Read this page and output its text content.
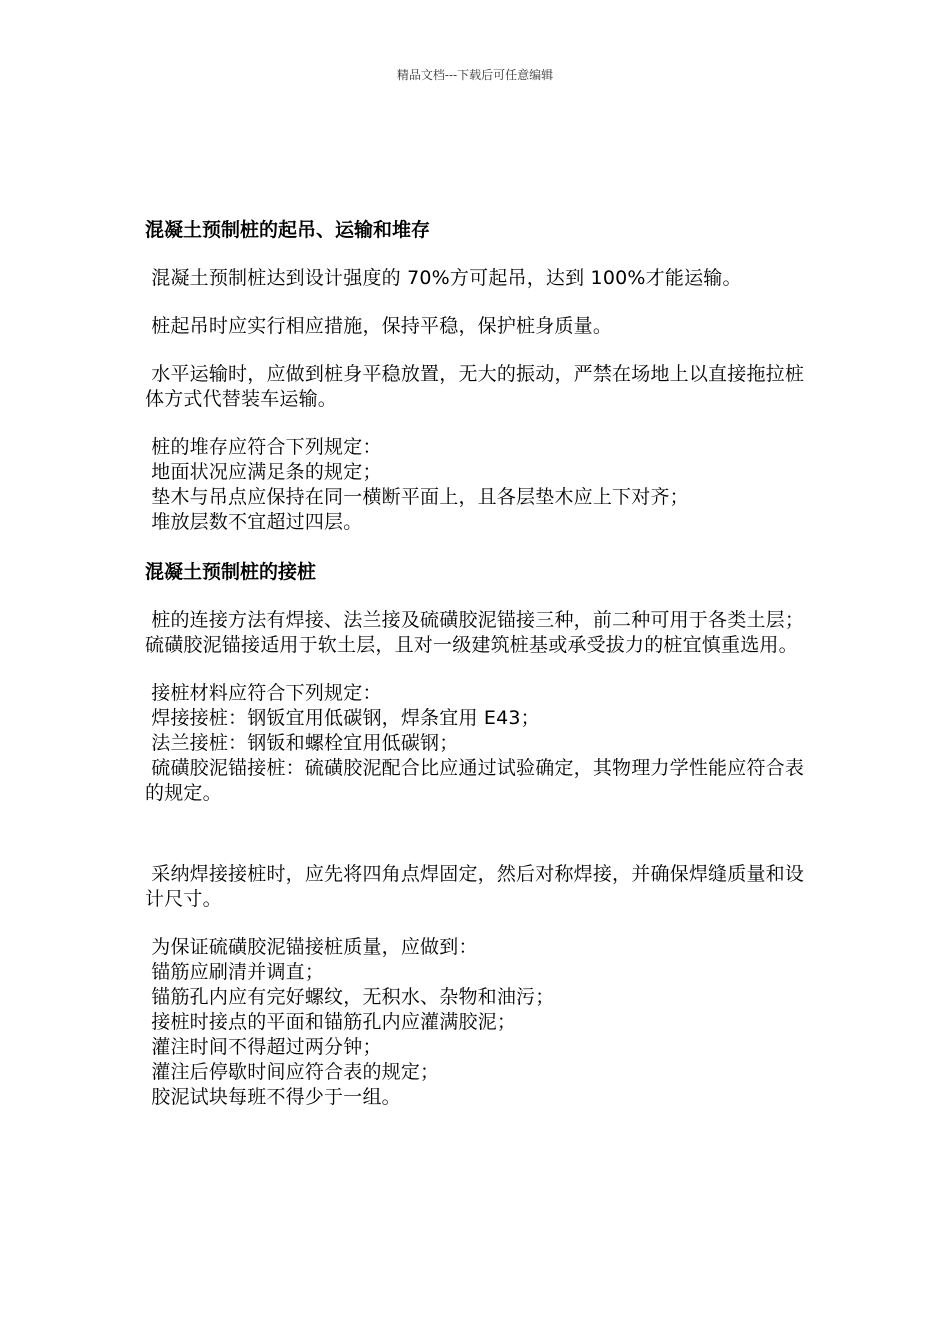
精品文档---下载后可任意编辑
混凝土预制桩的起吊、运输和堆存

混凝土预制桩达到设计强度的 70%方可起吊，达到 100%才能运输。

桩起吊时应实行相应措施，保持平稳，保护桩身质量。

水平运输时，应做到桩身平稳放置，无大的振动，严禁在场地上以直接拖拉桩体方式代替装车运输。

桩的堆存应符合下列规定：

地面状况应满足条的规定；

垫木与吊点应保持在同一横断平面上，且各层垫木应上下对齐；

堆放层数不宜超过四层。

混凝土预制桩的接桩

桩的连接方法有焊接、法兰接及硫磺胶泥锚接三种，前二种可用于各类土层；硫磺胶泥锚接适用于软土层，且对一级建筑桩基或承受拔力的桩宜慎重选用。

接桩材料应符合下列规定：

焊接接桩：钢钣宜用低碳钢，焊条宜用 E43；

法兰接桩：钢钣和螺栓宜用低碳钢；

硫磺胶泥锚接桩：硫磺胶泥配合比应通过试验确定，其物理力学性能应符合表的规定。

采纳焊接接桩时，应先将四角点焊固定，然后对称焊接，并确保焊缝质量和设计尺寸。

为保证硫磺胶泥锚接桩质量，应做到：

锚筋应刷清并调直；

锚筋孔内应有完好螺纹，无积水、杂物和油污；

接桩时接点的平面和锚筋孔内应灌满胶泥；

灌注时间不得超过两分钟；

灌注后停歇时间应符合表的规定；

胶泥试块每班不得少于一组。
